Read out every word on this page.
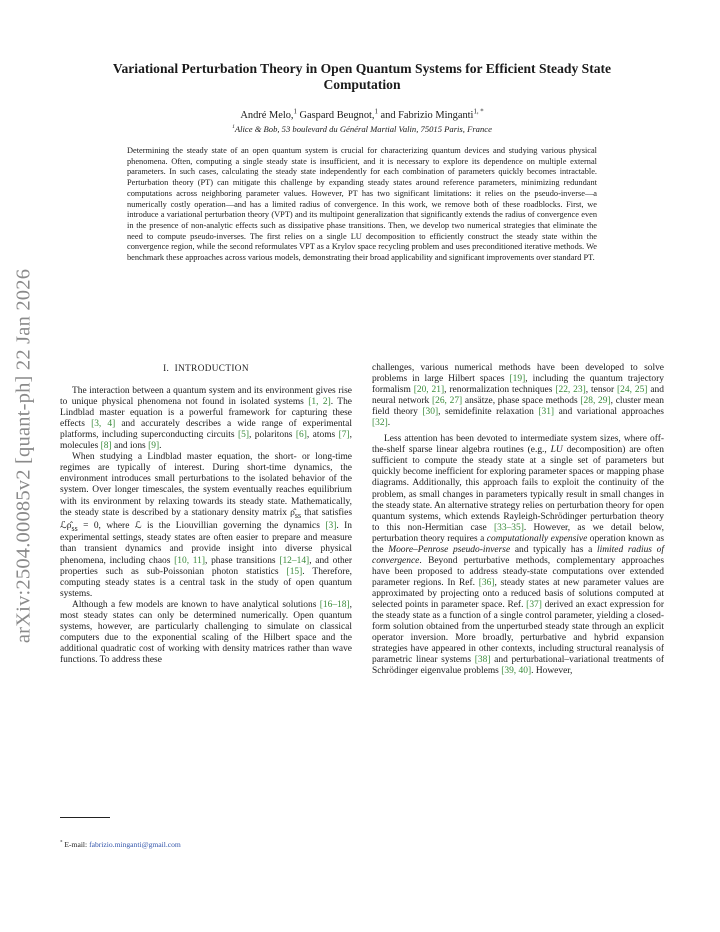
arXiv:2504.00085v2 [quant-ph] 22 Jan 2026
Variational Perturbation Theory in Open Quantum Systems for Efficient Steady State
Computation
André Melo,$^1$ Gaspard Beugnot,$^1$ and Fabrizio Minganti$^{1, *}$
$^1$Alice & Bob, 53 boulevard du Général Martial Valin, 75015 Paris, France

Determining the steady state of an open quantum system is crucial for characterizing quantum devices and studying various physical phenomena. Often, computing a single steady state is insufficient, and it is necessary to explore its dependence on multiple external parameters. In such cases, calculating the steady state independently for each combination of parameters quickly becomes intractable. Perturbation theory (PT) can mitigate this challenge by expanding steady states around reference parameters, minimizing redundant computations across neighboring parameter values. However, PT has two significant limitations: it relies on the pseudo-inverse—a numerically costly operation—and has a limited radius of convergence. In this work, we remove both of these roadblocks. First, we introduce a variational perturbation theory (VPT) and its multipoint generalization that significantly extends the radius of convergence even in the presence of non-analytic effects such as dissipative phase transitions. Then, we develop two numerical strategies that eliminate the need to compute pseudo-inverses. The first relies on a single LU decomposition to efficiently construct the steady state within the convergence region, while the second reformulates VPT as a Krylov space recycling problem and uses preconditioned iterative methods. We benchmark these approaches across various models, demonstrating their broad applicability and significant improvements over standard PT.

I. INTRODUCTION

The interaction between a quantum system and its environment gives rise to unique physical phenomena not found in isolated systems [1, 2]. The Lindblad master equation is a powerful framework for capturing these effects [3, 4] and accurately describes a wide range of experimental platforms, including superconducting circuits [5], polaritons [6], atoms [7], molecules [8] and ions [9].

When studying a Lindblad master equation, the short- or long-time regimes are typically of interest. During short-time dynamics, the environment introduces small perturbations to the isolated behavior of the system. Over longer timescales, the system eventually reaches equilibrium with its environment by relaxing towards its steady state. Mathematically, the steady state is described by a stationary density matrix $\rhô_{ss}$ that satisfies $ℒ\rhô_{ss} = 0$, where ℒ is the Liouvillian governing the dynamics [3]. In experimental settings, steady states are often easier to prepare and measure than transient dynamics and provide insight into diverse physical phenomena, including chaos [10, 11], phase transitions [12–14], and other properties such as sub-Poissonian photon statistics [15]. Therefore, computing steady states is a central task in the study of open quantum systems.

Although a few models are known to have analytical solutions [16–18], most steady states can only be determined numerically. Open quantum systems, however, are particularly challenging to simulate on classical computers due to the exponential scaling of the Hilbert space and the additional quadratic cost of working with density matrices rather than wave functions. To address these

challenges, various numerical methods have been developed to solve problems in large Hilbert spaces [19], including the quantum trajectory formalism [20, 21], renormalization techniques [22, 23], tensor [24, 25] and neural network [26, 27] ansätze, phase space methods [28, 29], cluster mean field theory [30], semidefinite relaxation [31] and variational approaches [32].

Less attention has been devoted to intermediate system sizes, where off-the-shelf sparse linear algebra routines (e.g., LU decomposition) are often sufficient to compute the steady state at a single set of parameters but quickly become inefficient for exploring parameter spaces or mapping phase diagrams. Additionally, this approach fails to exploit the continuity of the problem, as small changes in parameters typically result in small changes in the steady state. An alternative strategy relies on perturbation theory for open quantum systems, which extends Rayleigh-Schrödinger perturbation theory to this non-Hermitian case [33–35]. However, as we detail below, perturbation theory requires a computationally expensive operation known as the Moore–Penrose pseudo-inverse and typically has a limited radius of convergence. Beyond perturbative methods, complementary approaches have been proposed to address steady-state computations over extended parameter regions. In Ref. [36], steady states at new parameter values are approximated by projecting onto a reduced basis of solutions computed at selected points in parameter space. Ref. [37] derived an exact expression for the steady state as a function of a single control parameter, yielding a closed-form solution obtained from the unperturbed steady state through an explicit operator inversion. More broadly, perturbative and hybrid expansion strategies have appeared in other contexts, including structural reanalysis of parametric linear systems [38] and perturbational–variational treatments of Schrödinger eigenvalue problems [39, 40]. However,

* E-mail: fabrizio.minganti@gmail.com
